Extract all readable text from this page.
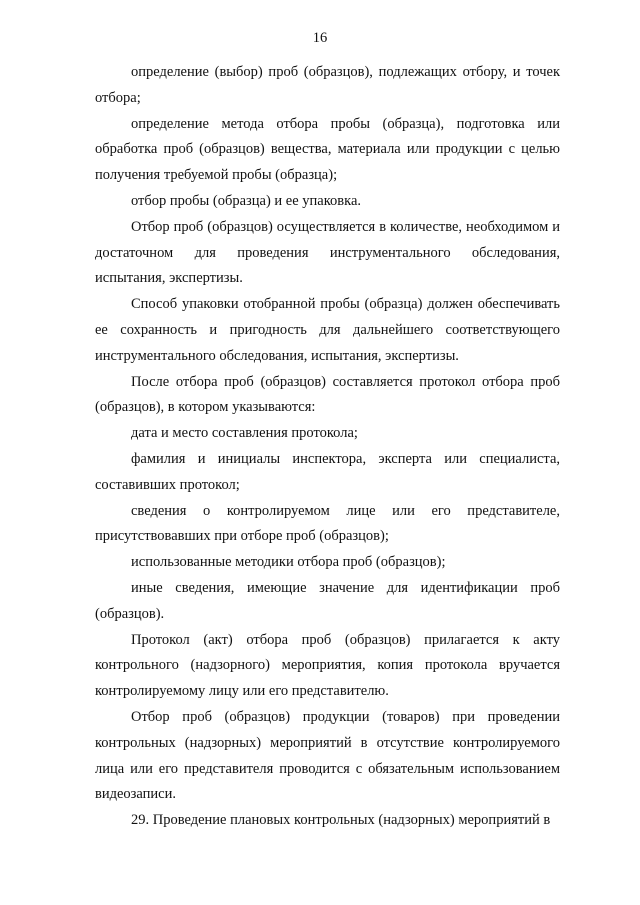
16

определение (выбор) проб (образцов), подлежащих отбору, и точек отбора;

определение метода отбора пробы (образца), подготовка или обработка проб (образцов) вещества, материала или продукции с целью получения требуемой пробы (образца);

отбор пробы (образца) и ее упаковка.

Отбор проб (образцов) осуществляется в количестве, необходимом и достаточном для проведения инструментального обследования, испытания, экспертизы.

Способ упаковки отобранной пробы (образца) должен обеспечивать ее сохранность и пригодность для дальнейшего соответствующего инструментального обследования, испытания, экспертизы.

После отбора проб (образцов) составляется протокол отбора проб (образцов), в котором указываются:

дата и место составления протокола;

фамилия и инициалы инспектора, эксперта или специалиста, составивших протокол;

сведения о контролируемом лице или его представителе, присутствовавших при отборе проб (образцов);

использованные методики отбора проб (образцов);

иные сведения, имеющие значение для идентификации проб (образцов).

Протокол (акт) отбора проб (образцов) прилагается к акту контрольного (надзорного) мероприятия, копия протокола вручается контролируемому лицу или его представителю.

Отбор проб (образцов) продукции (товаров) при проведении контрольных (надзорных) мероприятий в отсутствие контролируемого лица или его представителя проводится с обязательным использованием видеозаписи.

29. Проведение плановых контрольных (надзорных) мероприятий в
